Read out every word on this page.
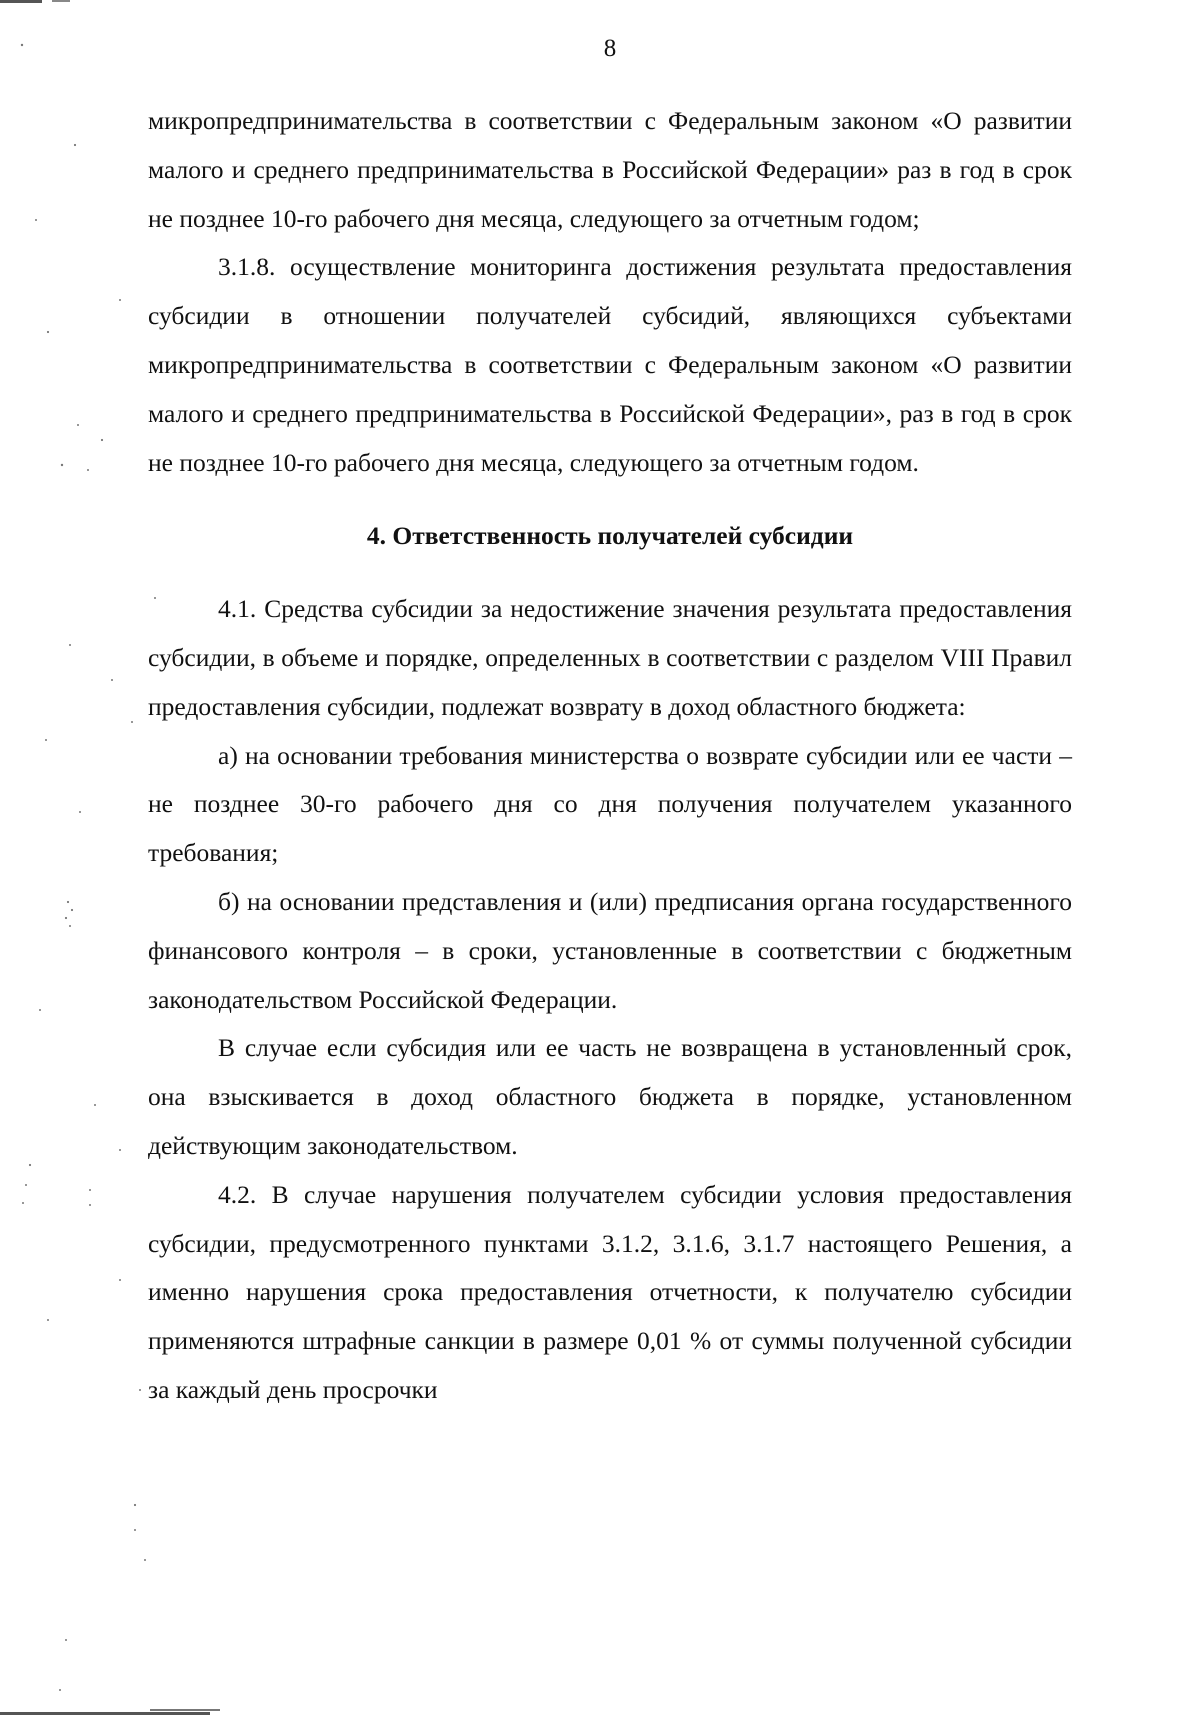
8

микропредпринимательства в соответствии с Федеральным законом «О развитии малого и среднего предпринимательства в Российской Федерации» раз в год в срок не позднее 10-го рабочего дня месяца, следующего за отчетным годом;

3.1.8. осуществление мониторинга достижения результата предоставления субсидии в отношении получателей субсидий, являющихся субъектами микропредпринимательства в соответствии с Федеральным законом «О развитии малого и среднего предпринимательства в Российской Федерации», раз в год в срок не позднее 10-го рабочего дня месяца, следующего за отчетным годом.

4. Ответственность получателей субсидии

4.1. Средства субсидии за недостижение значения результата предоставления субсидии, в объеме и порядке, определенных в соответствии с разделом VIII Правил предоставления субсидии, подлежат возврату в доход областного бюджета:

а) на основании требования министерства о возврате субсидии или ее части – не позднее 30-го рабочего дня со дня получения получателем указанного требования;

б) на основании представления и (или) предписания органа государственного финансового контроля – в сроки, установленные в соответствии с бюджетным законодательством Российской Федерации.

В случае если субсидия или ее часть не возвращена в установленный срок, она взыскивается в доход областного бюджета в порядке, установленном действующим законодательством.

4.2. В случае нарушения получателем субсидии условия предоставления субсидии, предусмотренного пунктами 3.1.2, 3.1.6, 3.1.7 настоящего Решения, а именно нарушения срока предоставления отчетности, к получателю субсидии применяются штрафные санкции в размере 0,01 % от суммы полученной субсидии за каждый день просрочки
